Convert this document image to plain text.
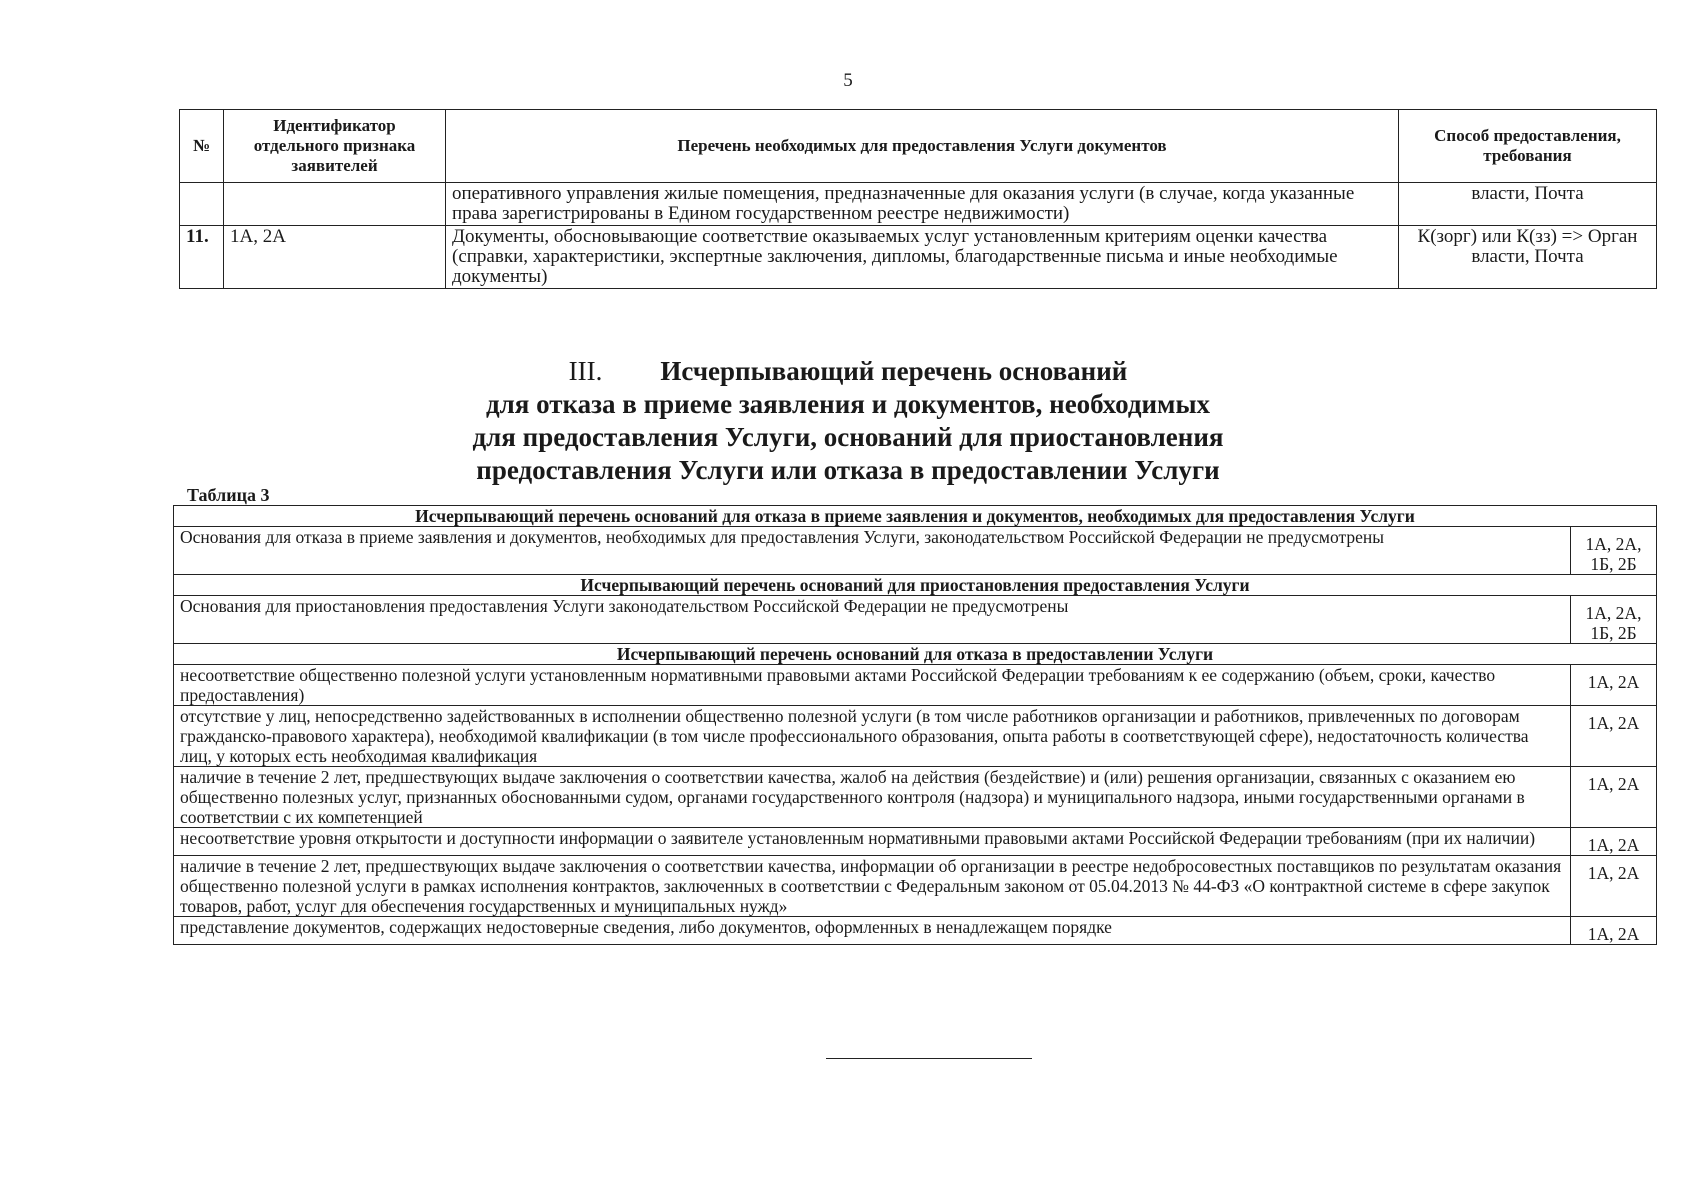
5
№	Идентификатор отдельного признака заявителей	Перечень необходимых для предоставления Услуги документов	Способ предоставления, требования
		оперативного управления жилые помещения, предназначенные для оказания услуги (в случае, когда указанные права зарегистрированы в Едином государственном реестре недвижимости)	власти, Почта
11.	1А, 2А	Документы, обосновывающие соответствие оказываемых услуг установленным критериям оценки качества (справки, характеристики, экспертные заключения, дипломы, благодарственные письма и иные необходимые документы)	К(зорг) или К(зз) => Орган власти, Почта
III. Исчерпывающий перечень оснований
для отказа в приеме заявления и документов, необходимых
для предоставления Услуги, оснований для приостановления
предоставления Услуги или отказа в предоставлении Услуги
Таблица 3
Исчерпывающий перечень оснований для отказа в приеме заявления и документов, необходимых для предоставления Услуги	
Основания для отказа в приеме заявления и документов, необходимых для предоставления Услуги, законодательством Российской Федерации не предусмотрены	1А, 2А, 1Б, 2Б
Исчерпывающий перечень оснований для приостановления предоставления Услуги	
Основания для приостановления предоставления Услуги законодательством Российской Федерации не предусмотрены	1А, 2А, 1Б, 2Б
Исчерпывающий перечень оснований для отказа в предоставлении Услуги	
несоответствие общественно полезной услуги установленным нормативными правовыми актами Российской Федерации требованиям к ее содержанию (объем, сроки, качество предоставления)	1А, 2А
отсутствие у лиц, непосредственно задействованных в исполнении общественно полезной услуги (в том числе работников организации и работников, привлеченных по договорам гражданско-правового характера), необходимой квалификации (в том числе профессионального образования, опыта работы в соответствующей сфере), недостаточность количества лиц, у которых есть необходимая квалификация	1А, 2А
наличие в течение 2 лет, предшествующих выдаче заключения о соответствии качества, жалоб на действия (бездействие) и (или) решения организации, связанных с оказанием ею общественно полезных услуг, признанных обоснованными судом, органами государственного контроля (надзора) и муниципального надзора, иными государственными органами в соответствии с их компетенцией	1А, 2А
несоответствие уровня открытости и доступности информации о заявителе установленным нормативными правовыми актами Российской Федерации требованиям (при их наличии)	1А, 2А
наличие в течение 2 лет, предшествующих выдаче заключения о соответствии качества, информации об организации в реестре недобросовестных поставщиков по результатам оказания общественно полезной услуги в рамках исполнения контрактов, заключенных в соответствии с Федеральным законом от 05.04.2013 № 44-ФЗ «О контрактной системе в сфере закупок товаров, работ, услуг для обеспечения государственных и муниципальных нужд»	1А, 2А
представление документов, содержащих недостоверные сведения, либо документов, оформленных в ненадлежащем порядке	1А, 2А
